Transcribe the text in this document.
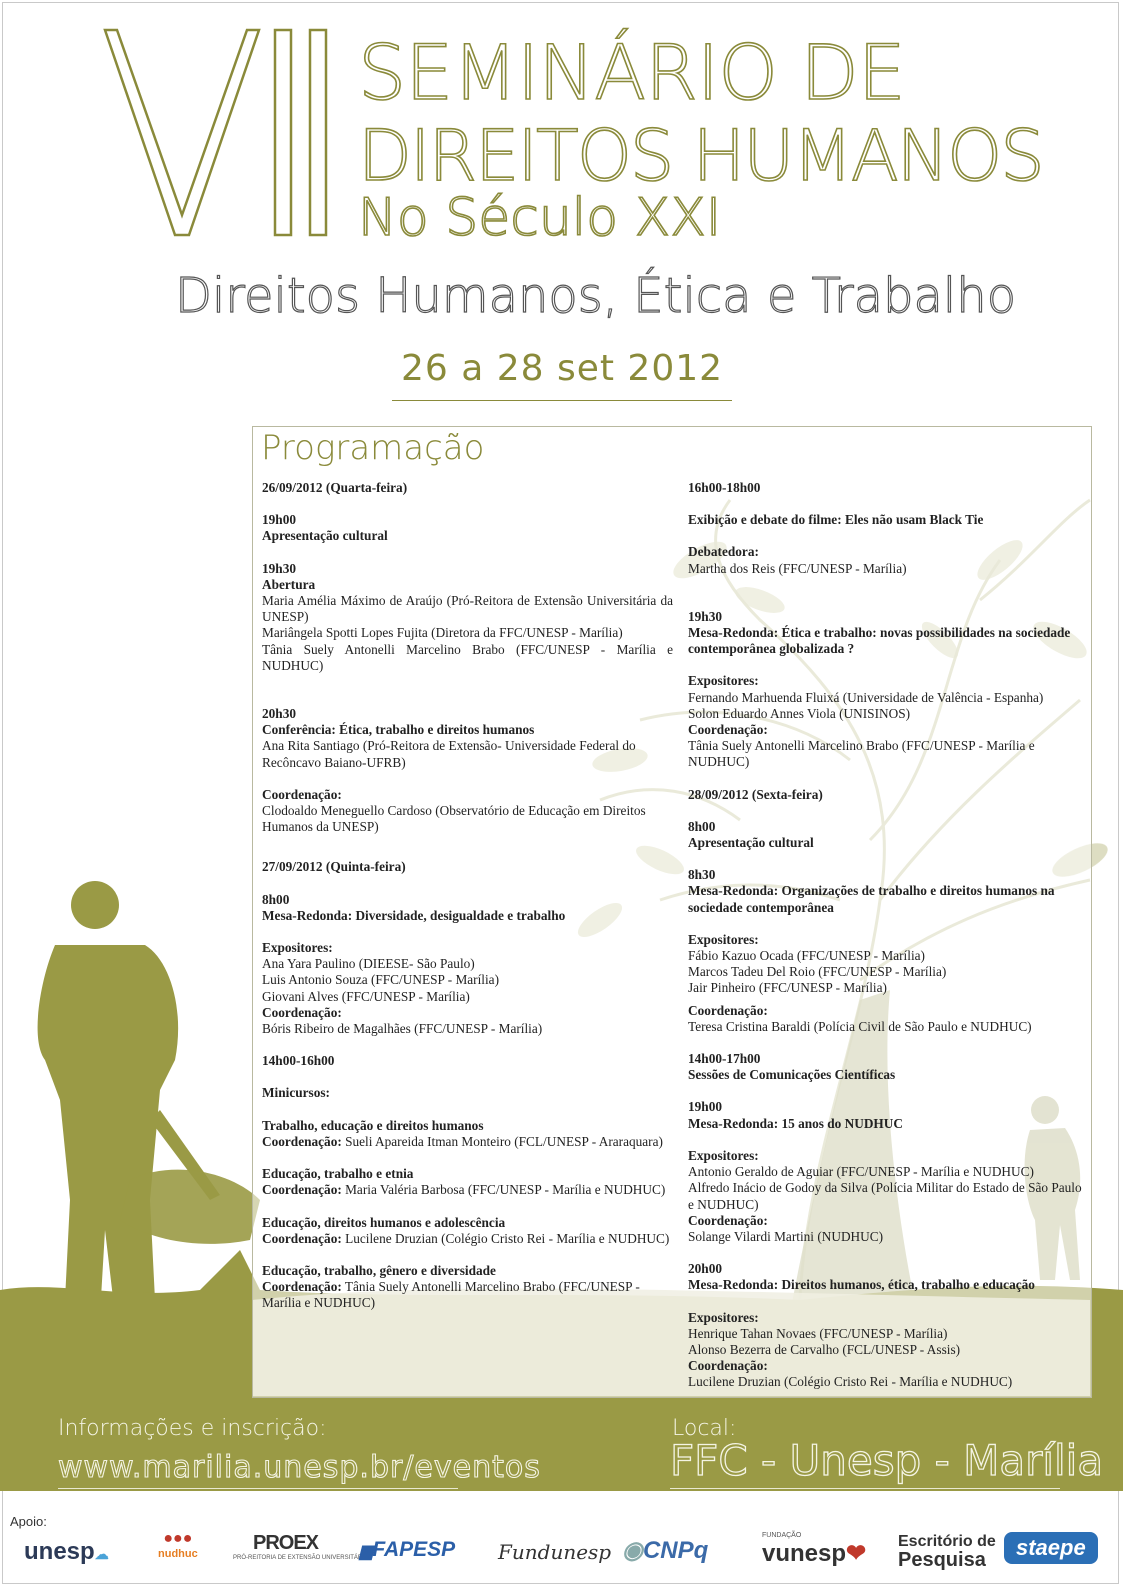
VII
SEMINÁRIO DE
DIREITOS HUMANOS
No Século XXI
Direitos Humanos, Ética e Trabalho
26 a 28 set 2012
Programação

26/09/2012 (Quarta-feira)

19h00

Apresentação cultural

19h30

Abertura

Maria Amélia Máximo de Araújo (Pró-Reitora de Extensão Universitária da UNESP)

Mariângela Spotti Lopes Fujita (Diretora da FFC/UNESP - Marília)

Tânia Suely Antonelli Marcelino Brabo (FFC/UNESP - Marília e NUDHUC)

20h30

Conferência: Ética, trabalho e direitos humanos

Ana Rita Santiago (Pró-Reitora de Extensão- Universidade Federal do Recôncavo Baiano-UFRB)

Coordenação:

Clodoaldo Meneguello Cardoso (Observatório de Educação em Direitos Humanos da UNESP)

27/09/2012 (Quinta-feira)

8h00

Mesa-Redonda: Diversidade, desigualdade e trabalho

Expositores:

Ana Yara Paulino (DIEESE- São Paulo)

Luis Antonio Souza (FFC/UNESP - Marília)

Giovani Alves (FFC/UNESP - Marília)

Coordenação:

Bóris Ribeiro de Magalhães (FFC/UNESP - Marília)

14h00-16h00

Minicursos:

Trabalho, educação e direitos humanos

Coordenação: Sueli Apareida Itman Monteiro (FCL/UNESP - Araraquara)

Educação, trabalho e etnia

Coordenação: Maria Valéria Barbosa (FFC/UNESP - Marília e NUDHUC)

Educação, direitos humanos e adolescência

Coordenação: Lucilene Druzian (Colégio Cristo Rei - Marília e NUDHUC)

Educação, trabalho, gênero e diversidade

Coordenação: Tânia Suely Antonelli Marcelino Brabo (FFC/UNESP - Marília e NUDHUC)

16h00-18h00

Exibição e debate do filme: Eles não usam Black Tie

Debatedora:

Martha dos Reis (FFC/UNESP - Marília)

19h30

Mesa-Redonda: Ética e trabalho: novas possibilidades na sociedade contemporânea globalizada ?

Expositores:

Fernando Marhuenda Fluixá (Universidade de Valência - Espanha)

Solon Eduardo Annes Viola (UNISINOS)

Coordenação:

Tânia Suely Antonelli Marcelino Brabo (FFC/UNESP - Marília e NUDHUC)

28/09/2012 (Sexta-feira)

8h00

Apresentação cultural

8h30

Mesa-Redonda: Organizações de trabalho e direitos humanos na sociedade contemporânea

Expositores:

Fábio Kazuo Ocada (FFC/UNESP - Marília)

Marcos Tadeu Del Roio (FFC/UNESP - Marília)

Jair Pinheiro (FFC/UNESP - Marília)

Coordenação:

Teresa Cristina Baraldi (Polícia Civil de São Paulo e NUDHUC)

14h00-17h00

Sessões de Comunicações Científicas

19h00

Mesa-Redonda: 15 anos do NUDHUC

Expositores:

Antonio Geraldo de Aguiar (FFC/UNESP - Marília e NUDHUC)

Alfredo Inácio de Godoy da Silva (Polícia Militar do Estado de São Paulo e NUDHUC)

Coordenação:

Solange Vilardi Martini (NUDHUC)

20h00

Mesa-Redonda: Direitos humanos, ética, trabalho e educação

Expositores:

Henrique Tahan Novaes (FFC/UNESP - Marília)

Alonso Bezerra de Carvalho (FCL/UNESP - Assis)

Coordenação:

Lucilene Druzian (Colégio Cristo Rei - Marília e NUDHUC)

Informações e inscrição:
www.marilia.unesp.br/eventos
Local:
FFC - Unesp - Marília
Apoio:
unesp☁
●●●
nudhuc	PROEX
PRÓ-REITORIA DE EXTENSÃO UNIVERSITÁRIA
▆FAPESP Fundunesp ◉CNPq
FUNDAÇÃO
vunesp❤ Escritório de
Pesquisa	staepe
